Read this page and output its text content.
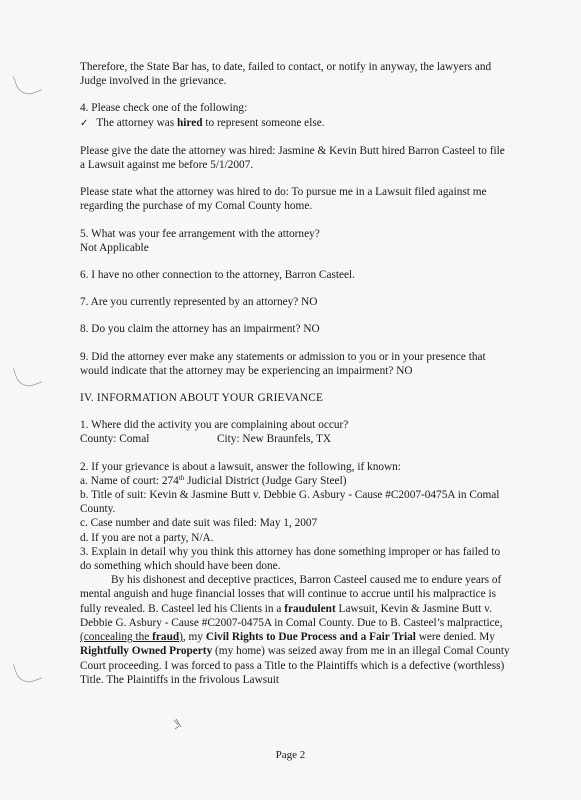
Therefore, the State Bar has, to date, failed to contact, or notify in anyway, the lawyers and Judge involved in the grievance.

4. Please check one of the following:

✓ The attorney was hired to represent someone else.

Please give the date the attorney was hired: Jasmine & Kevin Butt hired Barron Casteel to file a Lawsuit against me before 5/1/2007.

Please state what the attorney was hired to do: To pursue me in a Lawsuit filed against me regarding the purchase of my Comal County home.

5. What was your fee arrangement with the attorney?

Not Applicable

6. I have no other connection to the attorney, Barron Casteel.

7. Are you currently represented by an attorney? NO

8. Do you claim the attorney has an impairment? NO

9. Did the attorney ever make any statements or admission to you or in your presence that would indicate that the attorney may be experiencing an impairment? NO

IV. INFORMATION ABOUT YOUR GRIEVANCE

1. Where did the activity you are complaining about occur?

County: Comal	City: New Braunfels, TX

2. If your grievance is about a lawsuit, answer the following, if known:

a. Name of court: 274th Judicial District (Judge Gary Steel)

b. Title of suit: Kevin & Jasmine Butt v. Debbie G. Asbury - Cause #C2007-0475A in Comal County.

c. Case number and date suit was filed: May 1, 2007

d. If you are not a party, N/A.

3. Explain in detail why you think this attorney has done something improper or has failed to do something which should have been done.

By his dishonest and deceptive practices, Barron Casteel caused me to endure years of mental anguish and huge financial losses that will continue to accrue until his malpractice is fully revealed. B. Casteel led his Clients in a fraudulent Lawsuit, Kevin & Jasmine Butt v. Debbie G. Asbury - Cause #C2007-0475A in Comal County. Due to B. Casteel’s malpractice, (concealing the fraud), my Civil Rights to Due Process and a Fair Trial were denied. My Rightfully Owned Property (my home) was seized away from me in an illegal Comal County Court proceeding. I was forced to pass a Title to the Plaintiffs which is a defective (worthless) Title. The Plaintiffs in the frivolous Lawsuit

Page 2
